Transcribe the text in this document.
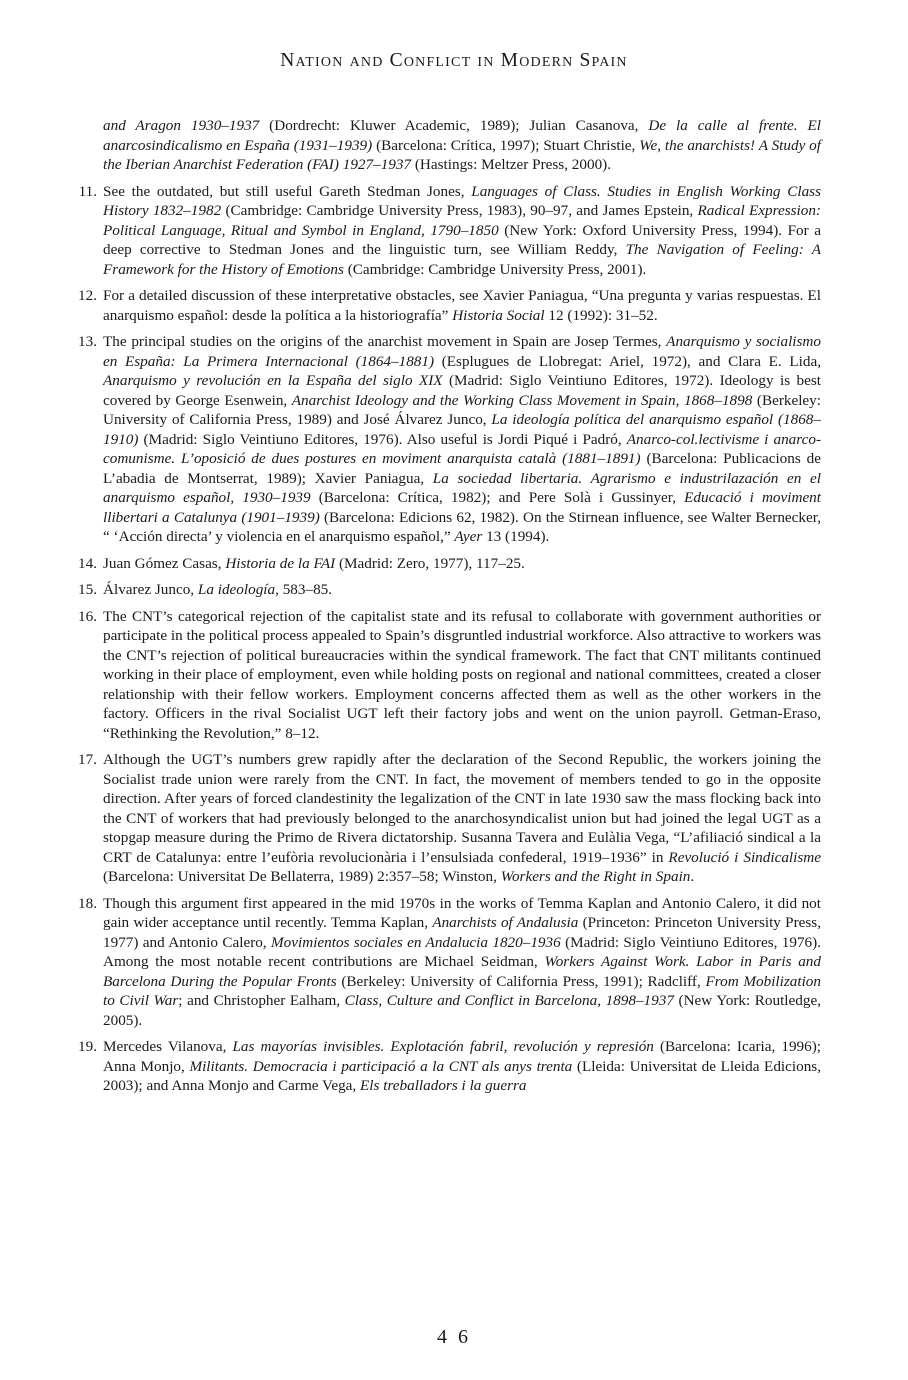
Nation and Conflict in Modern Spain
and Aragon 1930–1937 (Dordrecht: Kluwer Academic, 1989); Julian Casanova, De la calle al frente. El anarcosindicalismo en España (1931–1939) (Barcelona: Crítica, 1997); Stuart Christie, We, the anarchists! A Study of the Iberian Anarchist Federation (FAI) 1927–1937 (Hastings: Meltzer Press, 2000).
11. See the outdated, but still useful Gareth Stedman Jones, Languages of Class. Studies in English Working Class History 1832–1982 (Cambridge: Cambridge University Press, 1983), 90–97, and James Epstein, Radical Expression: Political Language, Ritual and Symbol in England, 1790–1850 (New York: Oxford University Press, 1994). For a deep corrective to Stedman Jones and the linguistic turn, see William Reddy, The Navigation of Feeling: A Framework for the History of Emotions (Cambridge: Cambridge University Press, 2001).
12. For a detailed discussion of these interpretative obstacles, see Xavier Paniagua, “Una pregunta y varias respuestas. El anarquismo español: desde la política a la historiografía” Historia Social 12 (1992): 31–52.
13. The principal studies on the origins of the anarchist movement in Spain are Josep Termes, Anarquismo y socialismo en España: La Primera Internacional (1864–1881) (Esplugues de Llobregat: Ariel, 1972), and Clara E. Lida, Anarquismo y revolución en la España del siglo XIX (Madrid: Siglo Veintiuno Editores, 1972). Ideology is best covered by George Esenwein, Anarchist Ideology and the Working Class Movement in Spain, 1868–1898 (Berkeley: University of California Press, 1989) and José Álvarez Junco, La ideología política del anarquismo español (1868–1910) (Madrid: Siglo Veintiuno Editores, 1976). Also useful is Jordi Piqué i Padró, Anarco-col.lectivisme i anarco-comunisme. L’oposició de dues postures en moviment anarquista català (1881–1891) (Barcelona: Publicacions de L’abadia de Montserrat, 1989); Xavier Paniagua, La sociedad libertaria. Agrarismo e industrilazación en el anarquismo español, 1930–1939 (Barcelona: Crítica, 1982); and Pere Solà i Gussinyer, Educació i moviment llibertari a Catalunya (1901–1939) (Barcelona: Edicions 62, 1982). On the Stirnean influence, see Walter Bernecker, “ ‘Acción directa’ y violencia en el anarquismo español,” Ayer 13 (1994).
14. Juan Gómez Casas, Historia de la FAI (Madrid: Zero, 1977), 117–25.
15. Álvarez Junco, La ideología, 583–85.
16. The CNT’s categorical rejection of the capitalist state and its refusal to collaborate with government authorities or participate in the political process appealed to Spain’s disgruntled industrial workforce. Also attractive to workers was the CNT’s rejection of political bureaucracies within the syndical framework. The fact that CNT militants continued working in their place of employment, even while holding posts on regional and national committees, created a closer relationship with their fellow workers. Employment concerns affected them as well as the other workers in the factory. Officers in the rival Socialist UGT left their factory jobs and went on the union payroll. Getman-Eraso, “Rethinking the Revolution,” 8–12.
17. Although the UGT’s numbers grew rapidly after the declaration of the Second Republic, the workers joining the Socialist trade union were rarely from the CNT. In fact, the movement of members tended to go in the opposite direction. After years of forced clandestinity the legalization of the CNT in late 1930 saw the mass flocking back into the CNT of workers that had previously belonged to the anarchosyndicalist union but had joined the legal UGT as a stopgap measure during the Primo de Rivera dictatorship. Susanna Tavera and Eulàlia Vega, “L’afiliació sindical a la CRT de Catalunya: entre l’eufòria revolucionària i l’ensulsiada confederal, 1919–1936” in Revolució i Sindicalisme (Barcelona: Universitat De Bellaterra, 1989) 2:357–58; Winston, Workers and the Right in Spain.
18. Though this argument first appeared in the mid 1970s in the works of Temma Kaplan and Antonio Calero, it did not gain wider acceptance until recently. Temma Kaplan, Anarchists of Andalusia (Princeton: Princeton University Press, 1977) and Antonio Calero, Movimientos sociales en Andalucia 1820–1936 (Madrid: Siglo Veintiuno Editores, 1976). Among the most notable recent contributions are Michael Seidman, Workers Against Work. Labor in Paris and Barcelona During the Popular Fronts (Berkeley: University of California Press, 1991); Radcliff, From Mobilization to Civil War; and Christopher Ealham, Class, Culture and Conflict in Barcelona, 1898–1937 (New York: Routledge, 2005).
19. Mercedes Vilanova, Las mayorías invisibles. Explotación fabril, revolución y represión (Barcelona: Icaria, 1996); Anna Monjo, Militants. Democracia i participació a la CNT als anys trenta (Lleida: Universitat de Lleida Edicions, 2003); and Anna Monjo and Carme Vega, Els treballadors i la guerra
4 6
